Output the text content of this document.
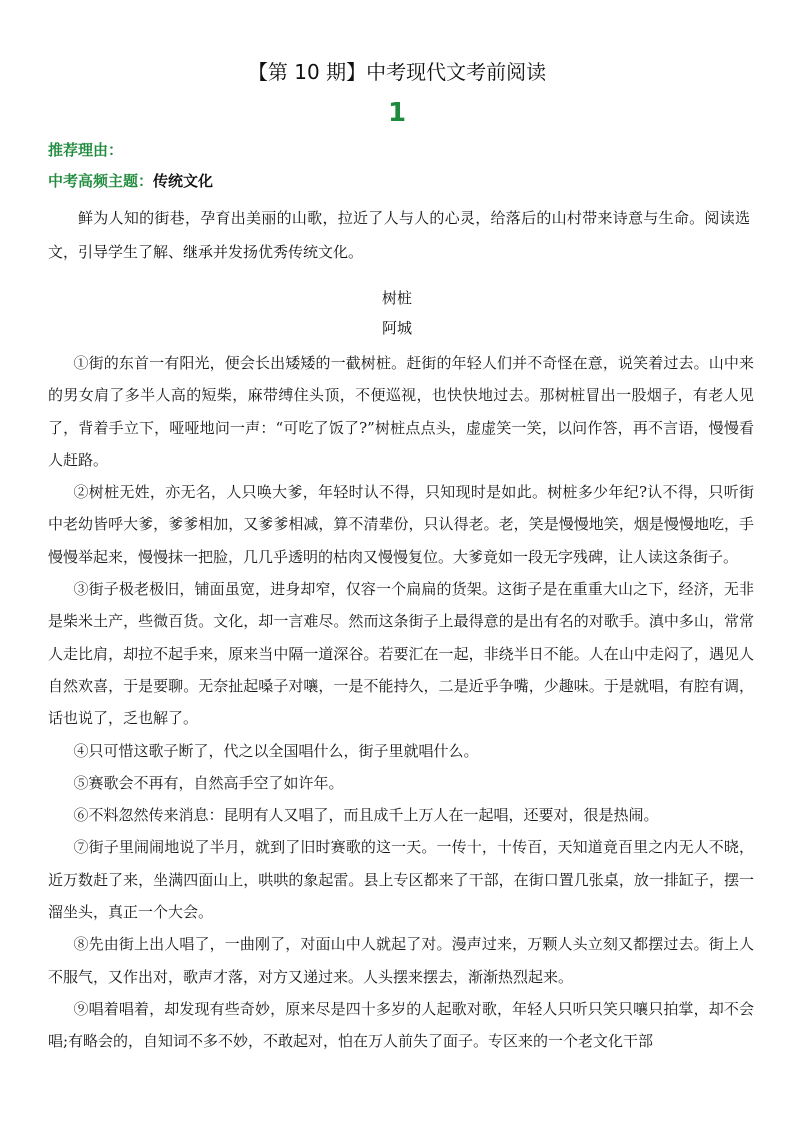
【第 10 期】中考现代文考前阅读
1
推荐理由：
中考高频主题：传统文化

鲜为人知的街巷，孕育出美丽的山歌，拉近了人与人的心灵，给落后的山村带来诗意与生命。阅读选文，引导学生了解、继承并发扬优秀传统文化。

树桩
阿城

①街的东首一有阳光，便会长出矮矮的一截树桩。赶街的年轻人们并不奇怪在意，说笑着过去。山中来的男女肩了多半人高的短柴，麻带缚住头顶，不便巡视，也快快地过去。那树桩冒出一股烟子，有老人见了，背着手立下，哑哑地问一声：“可吃了饭了?”树桩点点头，虚虚笑一笑，以问作答，再不言语，慢慢看人赶路。

②树桩无姓，亦无名，人只唤大爹，年轻时认不得，只知现时是如此。树桩多少年纪?认不得，只听街中老幼皆呼大爹，爹爹相加，又爹爹相减，算不清辈份，只认得老。老，笑是慢慢地笑，烟是慢慢地吃，手慢慢举起来，慢慢抹一把脸，几几乎透明的枯肉又慢慢复位。大爹竟如一段无字残碑，让人读这条街子。

③街子极老极旧，铺面虽宽，进身却窄，仅容一个扁扁的货架。这街子是在重重大山之下，经济，无非是柴米土产，些微百货。文化，却一言难尽。然而这条街子上最得意的是出有名的对歌手。滇中多山，常常人走比肩，却拉不起手来，原来当中隔一道深谷。若要汇在一起，非绕半日不能。人在山中走闷了，遇见人自然欢喜，于是要聊。无奈扯起嗓子对嚷，一是不能持久，二是近乎争嘴，少趣味。于是就唱，有腔有调，话也说了，乏也解了。

④只可惜这歌子断了，代之以全国唱什么，街子里就唱什么。

⑤赛歌会不再有，自然高手空了如许年。

⑥不料忽然传来消息：昆明有人又唱了，而且成千上万人在一起唱，还要对，很是热闹。

⑦街子里闹闹地说了半月，就到了旧时赛歌的这一天。一传十，十传百，天知道竟百里之内无人不晓，近万数赶了来，坐满四面山上，哄哄的象起雷。县上专区都来了干部，在街口置几张桌，放一排缸子，摆一溜坐头，真正一个大会。

⑧先由街上出人唱了，一曲刚了，对面山中人就起了对。漫声过来，万颗人头立刻又都摆过去。街上人不服气，又作出对，歌声才落，对方又递过来。人头摆来摆去，渐渐热烈起来。

⑨唱着唱着，却发现有些奇妙，原来尽是四十多岁的人起歌对歌，年轻人只听只笑只嚷只拍掌，却不会唱;有略会的，自知词不多不妙，不敢起对，怕在万人前失了面子。专区来的一个老文化干部
